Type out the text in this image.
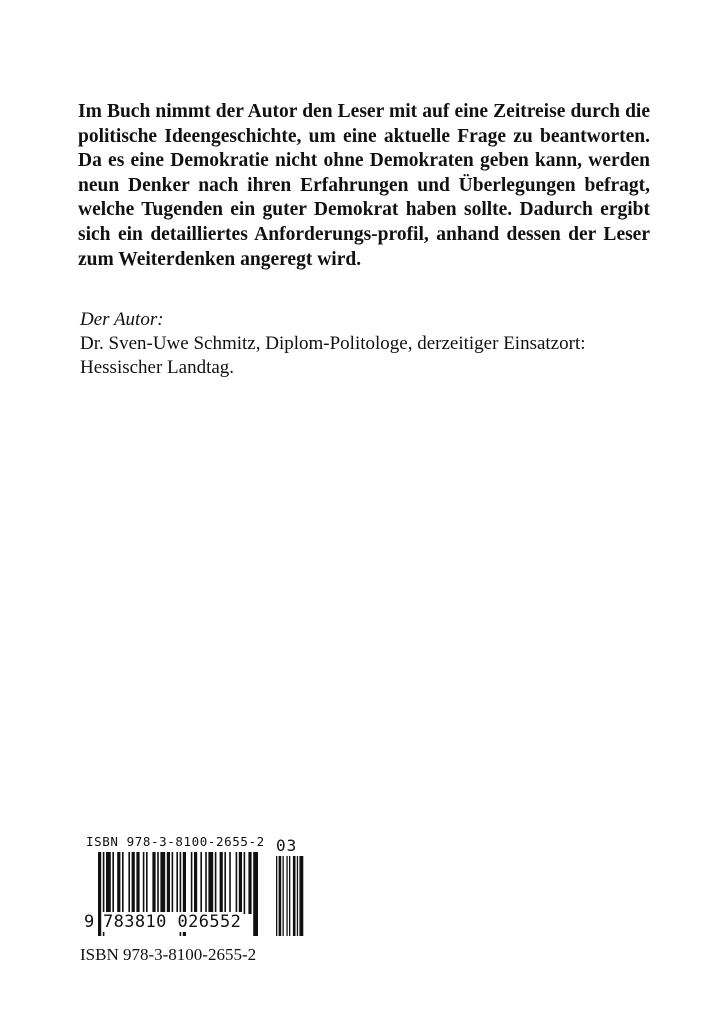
Im Buch nimmt der Autor den Leser mit auf eine Zeitreise durch die politische Ideengeschichte, um eine aktuelle Frage zu beantworten. Da es eine Demokratie nicht ohne Demokraten geben kann, werden neun Denker nach ihren Erfahrungen und Überlegungen befragt, welche Tugenden ein guter Demokrat haben sollte. Dadurch ergibt sich ein detailliertes Anforderungs-profil, anhand dessen der Leser zum Weiterdenken angeregt wird.

Der Autor:

Dr. Sven-Uwe Schmitz, Diplom-Politologe, derzeitiger Einsatzort: Hessischer Landtag.

ISBN 978-3-8100-2655-2 03
9 783810 026552

ISBN 978-3-8100-2655-2
